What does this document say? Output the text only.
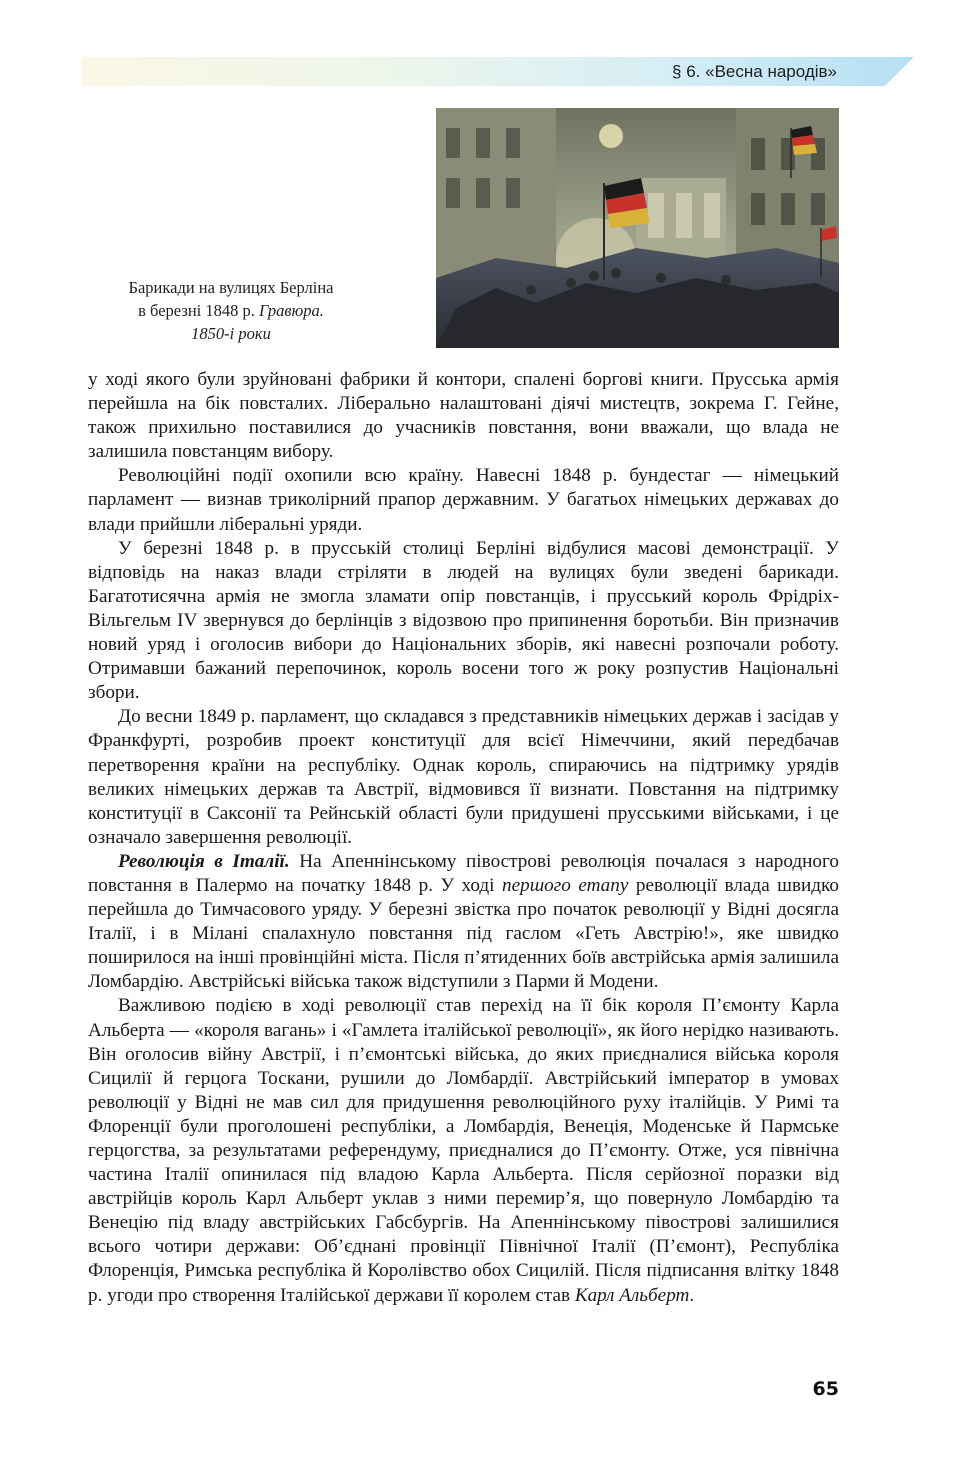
§ 6. «Весна народів»
Барикади на вулицях Берліна
в березні 1848 р. Гравюра.
1850-і роки

у ході якого були зруйновані фабрики й контори, спалені боргові книги. Прусська армія перейшла на бік повсталих. Ліберально налаштовані діячі мистецтв, зокрема Г. Гейне, також прихильно поставилися до учасників повстання, вони вважали, що влада не залишила повстанцям вибору.

Революційні події охопили всю країну. Навесні 1848 р. бундестаг — німецький парламент — визнав триколірний прапор державним. У багатьох німецьких державах до влади прийшли ліберальні уряди.

У березні 1848 р. в прусській столиці Берліні відбулися масові демонстрації. У відповідь на наказ влади стріляти в людей на вулицях були зведені барикади. Багатотисячна армія не змогла зламати опір повстанців, і прусський король Фрідріх-Вільгельм IV звернувся до берлінців з відозвою про припинення боротьби. Він призначив новий уряд і оголосив вибори до Національних зборів, які навесні розпочали роботу. Отримавши бажаний перепочинок, король восени того ж року розпустив Національні збори.

До весни 1849 р. парламент, що складався з представників німецьких держав і засідав у Франкфурті, розробив проект конституції для всієї Німеччини, який передбачав перетворення країни на республіку. Однак король, спираючись на підтримку урядів великих німецьких держав та Австрії, відмовився її визнати. Повстання на підтримку конституції в Саксонії та Рейнській області були придушені прусськими військами, і це означало завершення революції.

Революція в Італії. На Апеннінському півострові революція почалася з народного повстання в Палермо на початку 1848 р. У ході першого етапу революції влада швидко перейшла до Тимчасового уряду. У березні звістка про початок революції у Відні досягла Італії, і в Мілані спалахнуло повстання під гаслом «Геть Австрію!», яке швидко поширилося на інші провінційні міста. Після п’ятиденних боїв австрійська армія залишила Ломбардію. Австрійські війська також відступили з Парми й Модени.

Важливою подією в ході революції став перехід на її бік короля П’ємонту Карла Альберта — «короля вагань» і «Гамлета італійської революції», як його нерідко називають. Він оголосив війну Австрії, і п’ємонтські війська, до яких приєдналися війська короля Сицилії й герцога Тоскани, рушили до Ломбардії. Австрійський імператор в умовах революції у Відні не мав сил для придушення революційного руху італійців. У Римі та Флоренції були проголошені республіки, а Ломбардія, Венеція, Моденське й Пармське герцогства, за результатами референдуму, приєдналися до П’ємонту. Отже, уся північна частина Італії опинилася під владою Карла Альберта. Після серйозної поразки від австрійців король Карл Альберт уклав з ними перемир’я, що повернуло Ломбардію та Венецію під владу австрійських Габсбургів. На Апеннінському півострові залишилися всього чотири держави: Об’єднані провінції Північної Італії (П’ємонт), Республіка Флоренція, Римська республіка й Королівство обох Сицилій. Після підписання влітку 1848 р. угоди про створення Італійської держави її королем став Карл Альберт.

65
